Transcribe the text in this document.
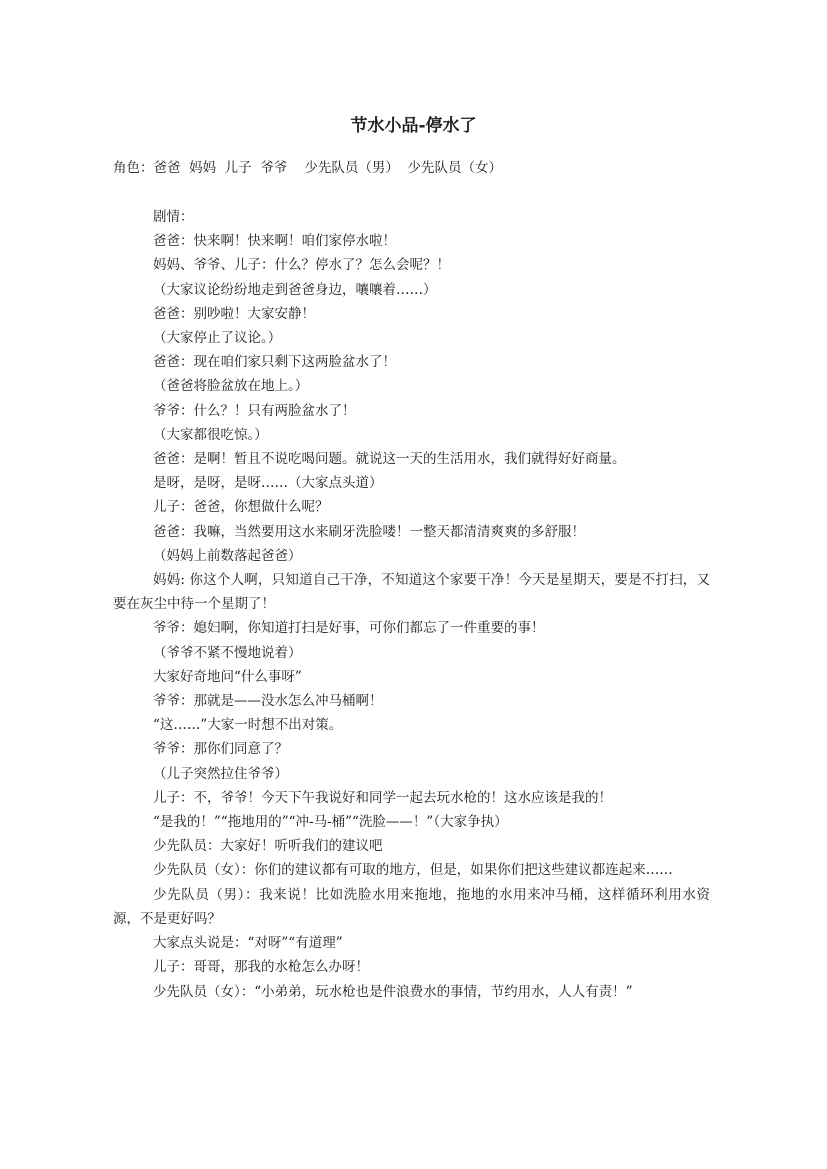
节水小品-停水了
角色：爸爸  妈妈  儿子  爷爷    少先队员（男）  少先队员（女）

剧情：

爸爸：快来啊！快来啊！咱们家停水啦！

妈妈、爷爷、儿子：什么？停水了？怎么会呢？！

（大家议论纷纷地走到爸爸身边，嚷嚷着……）

爸爸：别吵啦！大家安静！

（大家停止了议论。）

爸爸：现在咱们家只剩下这两脸盆水了！

（爸爸将脸盆放在地上。）

爷爷：什么？！只有两脸盆水了！

（大家都很吃惊。）

爸爸：是啊！暂且不说吃喝问题。就说这一天的生活用水，我们就得好好商量。

是呀，是呀，是呀……（大家点头道）

儿子：爸爸，你想做什么呢？

爸爸：我嘛，当然要用这水来刷牙洗脸喽！一整天都清清爽爽的多舒服！

（妈妈上前数落起爸爸）

妈妈: 你这个人啊，只知道自己干净，不知道这个家要干净！今天是星期天，要是不打扫，又要在灰尘中待一个星期了！

爷爷：媳妇啊，你知道打扫是好事，可你们都忘了一件重要的事！

（爷爷不紧不慢地说着）

大家好奇地问“什么事呀”

爷爷：那就是——没水怎么冲马桶啊！

“这……”大家一时想不出对策。

爷爷：那你们同意了？

（儿子突然拉住爷爷）

儿子：不，爷爷！今天下午我说好和同学一起去玩水枪的！这水应该是我的！

“是我的！”“拖地用的”“冲-马-桶”“洗脸——！”（大家争执）

少先队员：大家好！听听我们的建议吧

少先队员（女）：你们的建议都有可取的地方，但是，如果你们把这些建议都连起来……

少先队员（男）：我来说！比如洗脸水用来拖地，拖地的水用来冲马桶，这样循环利用水资源，不是更好吗？

大家点头说是：“对呀”“有道理”

儿子：哥哥，那我的水枪怎么办呀！

少先队员（女）：“小弟弟，玩水枪也是件浪费水的事情，节约用水，人人有责！”
